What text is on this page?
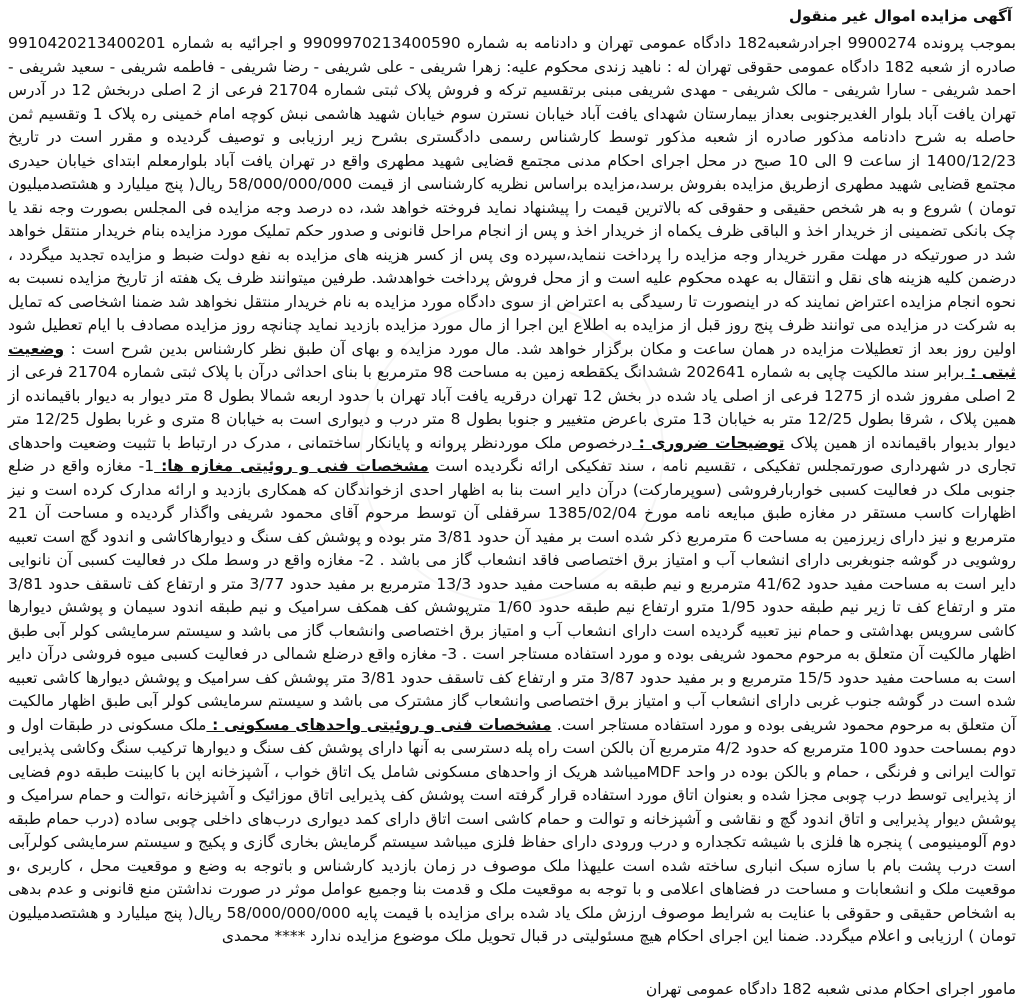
آگهی مزایده اموال غیر منقول

بموجب پرونده 9900274 اجرادرشعبه182 دادگاه عمومی تهران و دادنامه به شماره 9909970213400590 و اجرائیه به شماره 9910420213400201 صادره از شعبه 182 دادگاه عمومی حقوقی تهران له : ناهید زندی محکوم علیه: زهرا شریفی - علی شریفی - رضا شریفی - فاطمه شریفی - سعید شریفی - احمد شریفی - سارا شریفی - مالک شریفی - مهدی شریفی مبنی برتقسیم ترکه و فروش پلاک ثبتی شماره 21704 فرعی از 2 اصلی دربخش 12 در آدرس تهران یافت آباد بلوار الغدیرجنوبی بعداز بیمارستان شهدای یافت آباد خیابان نسترن سوم خیابان شهید هاشمی نبش کوچه امام خمینی ره پلاک 1 وتقسیم ثمن حاصله به شرح دادنامه مذکور صادره از شعبه مذکور توسط کارشناس رسمی دادگستری بشرح زیر ارزیابی و توصیف گردیده و مقرر است در تاریخ 1400/12/23 از ساعت 9 الی 10 صبح در محل اجرای احکام مدنی مجتمع قضایی شهید مطهری واقع در تهران یافت آباد بلوارمعلم ابتدای خیابان حیدری مجتمع قضایی شهید مطهری ازطریق مزایده بفروش برسد،مزایده براساس نظریه کارشناسی از قیمت 58/000/000/000 ریال( پنج میلیارد و هشتصدمیلیون تومان ) شروع و به هر شخص حقیقی و حقوقی که بالاترین قیمت را پیشنهاد نماید فروخته خواهد شد، ده درصد وجه مزایده فی المجلس بصورت وجه نقد یا چک بانکی تضمینی از خریدار اخذ و الباقی ظرف یکماه از خریدار اخذ و پس از انجام مراحل قانونی و صدور حکم تملیک مورد مزایده بنام خریدار منتقل خواهد شد در صورتیکه در مهلت مقرر خریدار وجه مزایده را پرداخت ننماید،سپرده وی پس از کسر هزینه های مزایده به نفع دولت ضبط و مزایده تجدید میگردد ، درضمن کلیه هزینه های نقل و انتقال به عهده محکوم علیه است و از محل فروش پرداخت خواهدشد. طرفین میتوانند ظرف یک هفته از تاریخ مزایده نسبت به نحوه انجام مزایده اعتراض نمایند که در اینصورت تا رسیدگی به اعتراض از سوی دادگاه مورد مزایده به نام خریدار منتقل نخواهد شد ضمنا اشخاصی که تمایل به شرکت در مزایده می توانند ظرف پنج روز قبل از مزایده به اطلاع این اجرا از مال مورد مزایده بازدید نماید چنانچه روز مزایده مصادف با ایام تعطیل شود اولین روز بعد از تعطیلات مزایده در همان ساعت و مکان برگزار خواهد شد. مال مورد مزایده و بهای آن طبق نظر کارشناس بدین شرح است : وضعیت ثبتی : برابر سند مالکیت چاپی به شماره 202641 ششدانگ یکقطعه زمین به مساحت 98 مترمربع با بنای احداثی درآن با پلاک ثبتی شماره 21704 فرعی از 2 اصلی مفروز شده از 1275 فرعی از اصلی یاد شده در بخش 12 تهران درقریه یافت آباد تهران با حدود اربعه شمالا بطول 8 متر دیوار به دیوار باقیمانده از همین پلاک ، شرقا بطول 12/25 متر به خیابان 13 متری باعرض متغییر و جنوبا بطول 8 متر درب و دیواری است به خیابان 8 متری و غربا بطول 12/25 متر دیوار بدیوار باقیمانده از همین پلاک توضیحات ضروری : درخصوص ملک موردنظر پروانه و پایانکار ساختمانی ، مدرک در ارتباط با تثبیت وضعیت واحدهای تجاری در شهرداری صورتمجلس تفکیکی ، تقسیم نامه ، سند تفکیکی ارائه نگردیده است مشخصات فنی و روئیتی مغازه ها: 1- مغازه واقع در ضلع جنوبی ملک در فعالیت کسبی خواربارفروشی (سوپرمارکت) درآن دایر است بنا به اظهار احدی ازخواندگان که همکاری بازدید و ارائه مدارک کرده است و نیز اظهارات کاسب مستقر در مغازه طبق مبایعه نامه مورخ 1385/02/04 سرقفلی آن توسط مرحوم آقای محمود شریفی واگذار گردیده و مساحت آن 21 مترمربع و نیز دارای زیرزمین به مساحت 6 مترمربع ذکر شده است بر مفید آن حدود 3/81 متر بوده و پوشش کف سنگ و دیوارهاکاشی و اندود گچ است تعبیه روشویی در گوشه جنوبغربی دارای انشعاب آب و امتیاز برق اختصاصی فاقد انشعاب گاز می باشد . 2- مغازه واقع در وسط ملک در فعالیت کسبی آن نانوایی دایر است به مساحت مفید حدود 41/62 مترمربع و نیم طبقه به مساحت مفید حدود 13/3 مترمربع بر مفید حدود 3/77 متر و ارتفاع کف تاسقف حدود 3/81 متر و ارتفاع کف تا زیر نیم طبقه حدود 1/95 مترو ارتفاع نیم طبقه حدود 1/60 مترپوشش کف همکف سرامیک و نیم طبقه اندود سیمان و پوشش دیوارها کاشی سرویس بهداشتی و حمام نیز تعبیه گردیده است دارای انشعاب آب و امتیاز برق اختصاصی وانشعاب گاز می باشد و سیستم سرمایشی کولر آبی طبق اظهار مالکیت آن متعلق به مرحوم محمود شریفی بوده و مورد استفاده مستاجر است . 3- مغازه واقع درضلع شمالی در فعالیت کسبی میوه فروشی درآن دایر است به مساحت مفید حدود 15/5 مترمربع و بر مفید حدود 3/87 متر و ارتفاع کف تاسقف حدود 3/81 متر پوشش کف سرامیک و پوشش دیوارها کاشی تعبیه شده است در گوشه جنوب غربی دارای انشعاب آب و امتیاز برق اختصاصی وانشعاب گاز مشترک می باشد و سیستم سرمایشی کولر آبی طبق اظهار مالکیت آن متعلق به مرحوم محمود شریفی بوده و مورد استفاده مستاجر است. مشخصات فنی و روئیتی واحدهای مسکونی : ملک مسکونی در طبقات اول و دوم بمساحت حدود 100 مترمربع که حدود 4/2 مترمربع آن بالکن است راه پله دسترسی به آنها دارای پوشش کف سنگ و دیوارها ترکیب سنگ وکاشی پذیرایی توالت ایرانی و فرنگی ، حمام و بالکن بوده در واحد MDFمیباشد هریک از واحدهای مسکونی شامل یک اتاق خواب ، آشپزخانه اپن با کابینت طبقه دوم فضایی از پذیرایی توسط درب چوبی مجزا شده و بعنوان اتاق مورد استفاده قرار گرفته است پوشش کف پذیرایی اتاق موزائیک و آشپزخانه ،توالت و حمام سرامیک و پوشش دیوار پذیرایی و اتاق اندود گچ و نقاشی و آشپزخانه و توالت و حمام کاشی است اتاق دارای کمد دیواری درب‌های داخلی چوبی ساده (درب حمام طبقه دوم آلومینیومی ) پنجره ها فلزی با شیشه تکجداره و درب ورودی دارای حفاظ فلزی میباشد سیستم گرمایش بخاری گازی و پکیج و سیستم سرمایشی کولرآبی است درب پشت بام با سازه سبک انباری ساخته شده است علیهذا ملک موصوف در زمان بازدید کارشناس و باتوجه به وضع و موقعیت محل ، کاربری ،و موقعیت ملک و انشعابات و مساحت در فضاهای اعلامی و با توجه به موقعیت ملک و قدمت بنا وجمیع عوامل موثر در صورت نداشتن منع قانونی و عدم بدهی به اشخاص حقیقی و حقوقی با عنایت به شرایط موصوف ارزش ملک یاد شده برای مزایده با قیمت پایه 58/000/000/000 ریال( پنج میلیارد و هشتصدمیلیون تومان ) ارزیابی و اعلام میگردد. ضمنا این اجرای احکام هیچ مسئولیتی در قبال تحویل ملک موضوع مزایده ندارد **** محمدی

مامور اجرای احکام مدنی شعبه 182 دادگاه عمومی تهران
